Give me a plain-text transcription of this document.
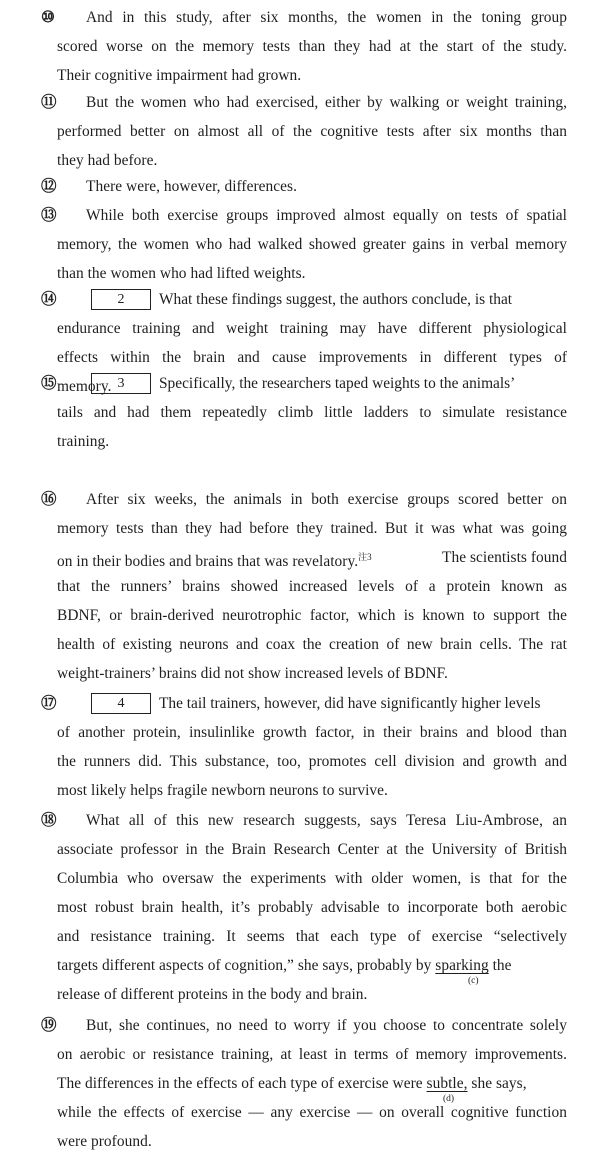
⑩ And in this study, after six months, the women in the toning group
scored worse on the memory tests than they had at the start of the study.
Their cognitive impairment had grown.
⑪ But the women who had exercised, either by walking or weight training,
performed better on almost all of the cognitive tests after six months than
they had before.
⑫ There were, however, differences.
⑬ While both exercise groups improved almost equally on tests of spatial
memory, the women who had walked showed greater gains in verbal memory
than the women who had lifted weights.
⑭	2	What these findings suggest, the authors conclude, is that
endurance training and weight training may have different physiological
effects within the brain and cause improvements in different types of
memory.
⑮	3	Specifically, the researchers taped weights to the animals’
tails and had them repeatedly climb little ladders to simulate resistance
training.
⑯ After six weeks, the animals in both exercise groups scored better on
memory tests than they had before they trained. But it was what was going
on in their bodies and brains that was revelatory.$^{注3}$	The scientists found
that the runners’ brains showed increased levels of a protein known as
BDNF, or brain-derived neurotrophic factor, which is known to support the
health of existing neurons and coax the creation of new brain cells. The rat
weight-trainers’ brains did not show increased levels of BDNF.
⑰	4	The tail trainers, however, did have significantly higher levels
of another protein, insulinlike growth factor, in their brains and blood than
the runners did. This substance, too, promotes cell division and growth and
most likely helps fragile newborn neurons to survive.
⑱ What all of this new research suggests, says Teresa Liu-Ambrose, an
associate professor in the Brain Research Center at the University of British
Columbia who oversaw the experiments with older women, is that for the
most robust brain health, it’s probably advisable to incorporate both aerobic
and resistance training. It seems that each type of exercise “selectively
targets different aspects of cognition,” she says, probably by sparking the
(c)
release of different proteins in the body and brain.
⑲ But, she continues, no need to worry if you choose to concentrate solely
on aerobic or resistance training, at least in terms of memory improvements.
The differences in the effects of each type of exercise were subtle, she says,
(d)
while the effects of exercise — any exercise — on overall cognitive function
were profound.
